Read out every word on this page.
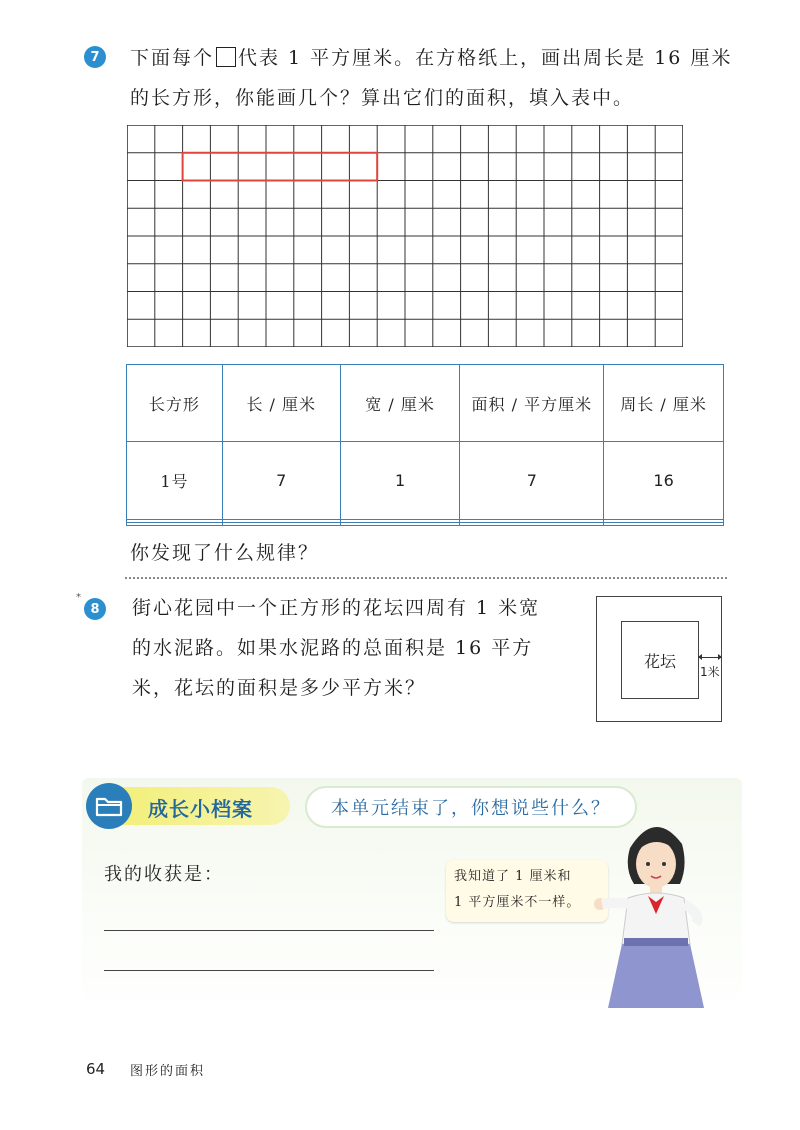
7 下面每个 代表 1 平方厘米。在方格纸上，画出周长是 16 厘米
的长方形，你能画几个？算出它们的面积，填入表中。
长方形	长 / 厘米	宽 / 厘米	面积 / 平方厘米	周长 / 厘米
1号	7	1	7	16

你发现了什么规律？
*
8 街心花园中一个正方形的花坛四周有 1 米宽
的水泥路。如果水泥路的总面积是 16 平方
米，花坛的面积是多少平方米？
花坛
1米
成长小档案	本单元结束了，你想说些什么？
我的收获是：	我知道了 1 厘米和
1 平方厘米不一样。
64 图形的面积
